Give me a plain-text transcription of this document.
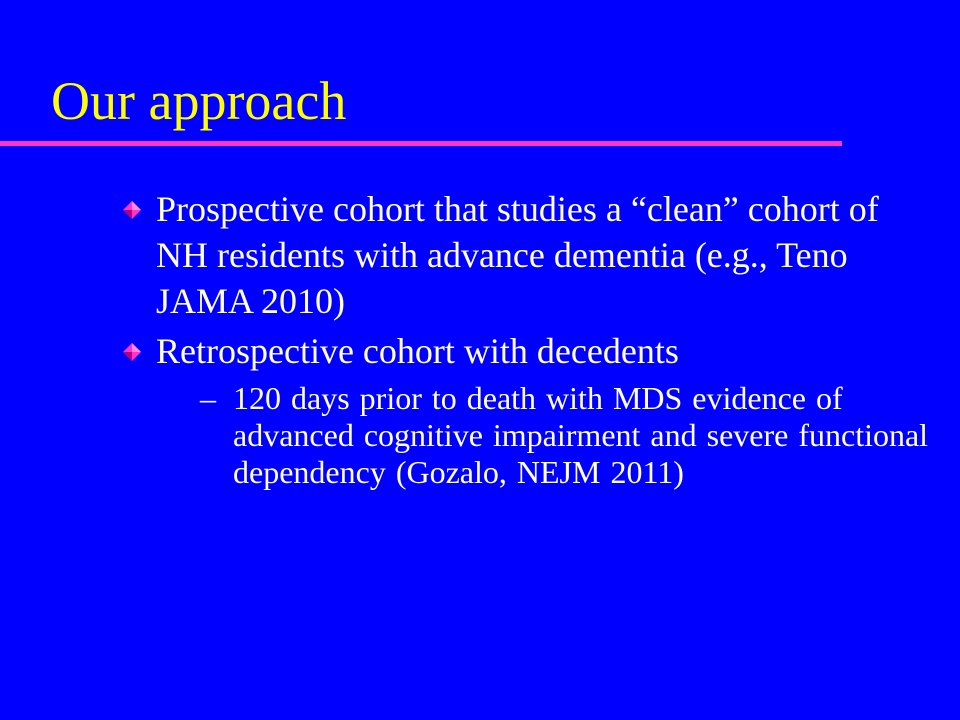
Our approach
Prospective cohort that studies a “clean” cohort of NH residents with advance dementia (e.g., Teno JAMA 2010)
Retrospective cohort with decedents
– 120 days prior to death with MDS evidence of advanced cognitive impairment and severe functional dependency (Gozalo, NEJM 2011)
